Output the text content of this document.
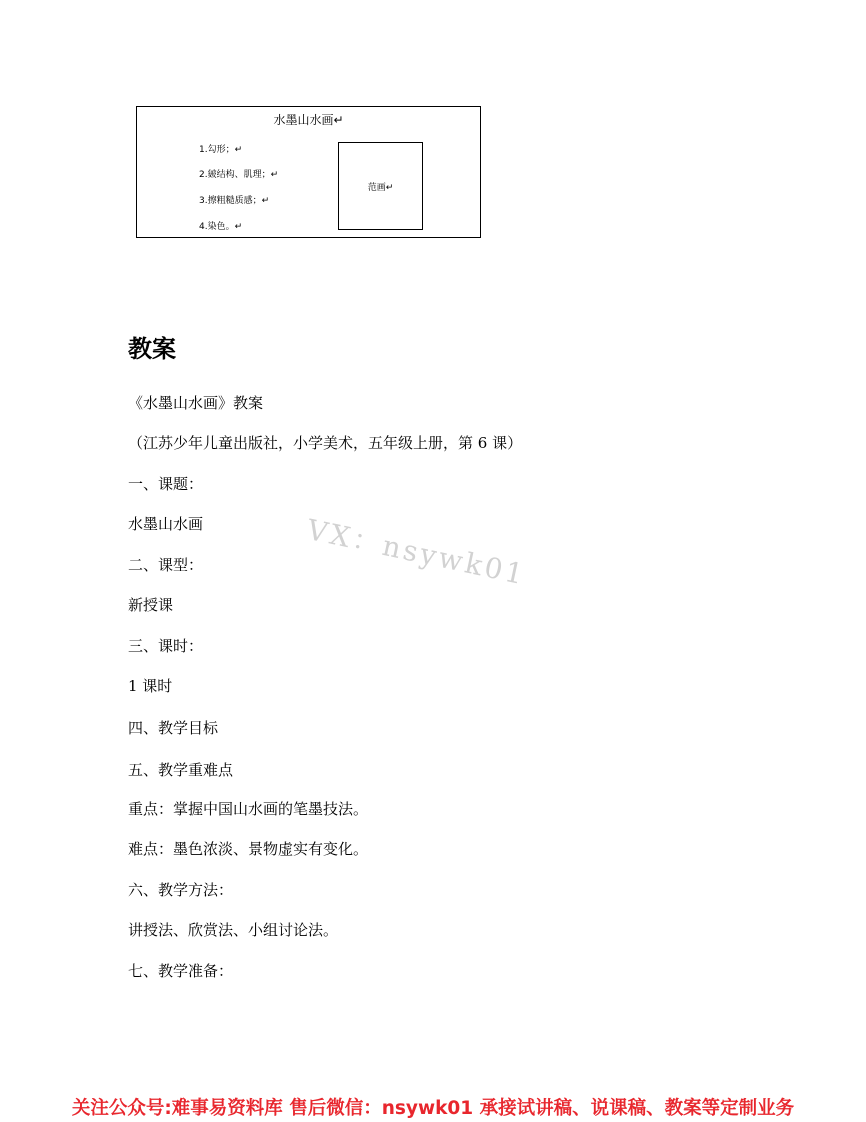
水墨山水画↵
1.勾形；↵
2.皴结构、肌理；↵
3.擦粗糙质感；↵
4.染色。↵
范画↵
教案
《水墨山水画》教案
（江苏少年儿童出版社，小学美术，五年级上册，第 6 课）
一、课题：
水墨山水画
二、课型：
新授课
三、课时：
1 课时
四、教学目标
五、教学重难点
重点：掌握中国山水画的笔墨技法。
难点：墨色浓淡、景物虚实有变化。
六、教学方法：
讲授法、欣赏法、小组讨论法。
七、教学准备：
VX：nsywk01
关注公众号:难事易资料库 售后微信：nsywk01 承接试讲稿、说课稿、教案等定制业务
